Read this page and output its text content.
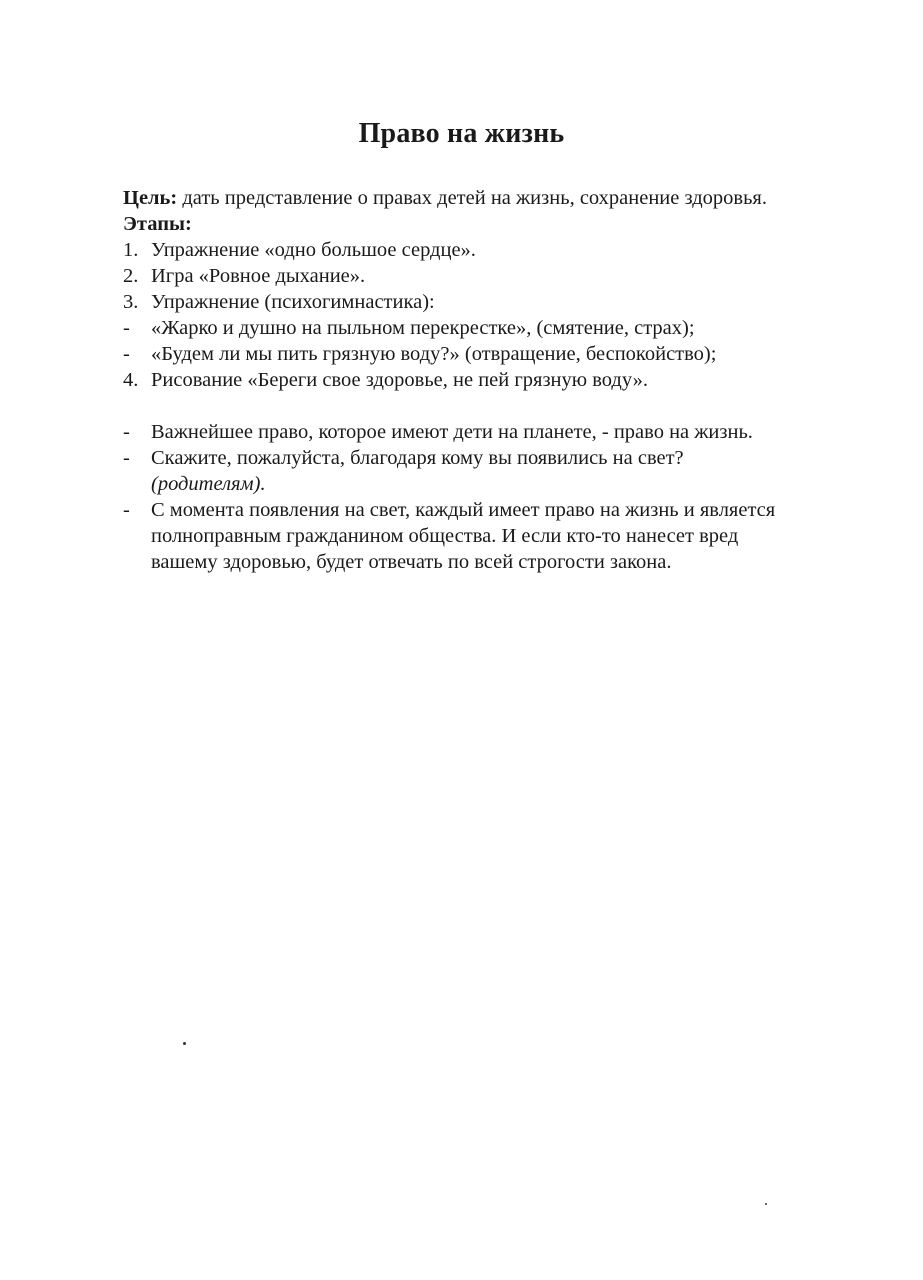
Право на жизнь

Цель: дать представление о правах детей на жизнь, сохранение здоровья.

Этапы:

1. Упражнение «одно большое сердце».
2. Игра «Ровное дыхание».
3. Упражнение (психогимнастика):
-	«Жарко и душно на пыльном перекрестке», (смятение, страх);
-	«Будем ли мы пить грязную воду?» (отвращение, беспокойство);
4. Рисование «Береги свое здоровье, не пей грязную воду».
-	Важнейшее право, которое имеют дети на планете, - право на жизнь.
-	Скажите, пожалуйста, благодаря кому вы появились на свет?
(родителям).
-	С момента появления на свет, каждый имеет право на жизнь и является полноправным гражданином общества. И если кто-то нанесет вред вашему здоровью, будет отвечать по всей строгости закона.
